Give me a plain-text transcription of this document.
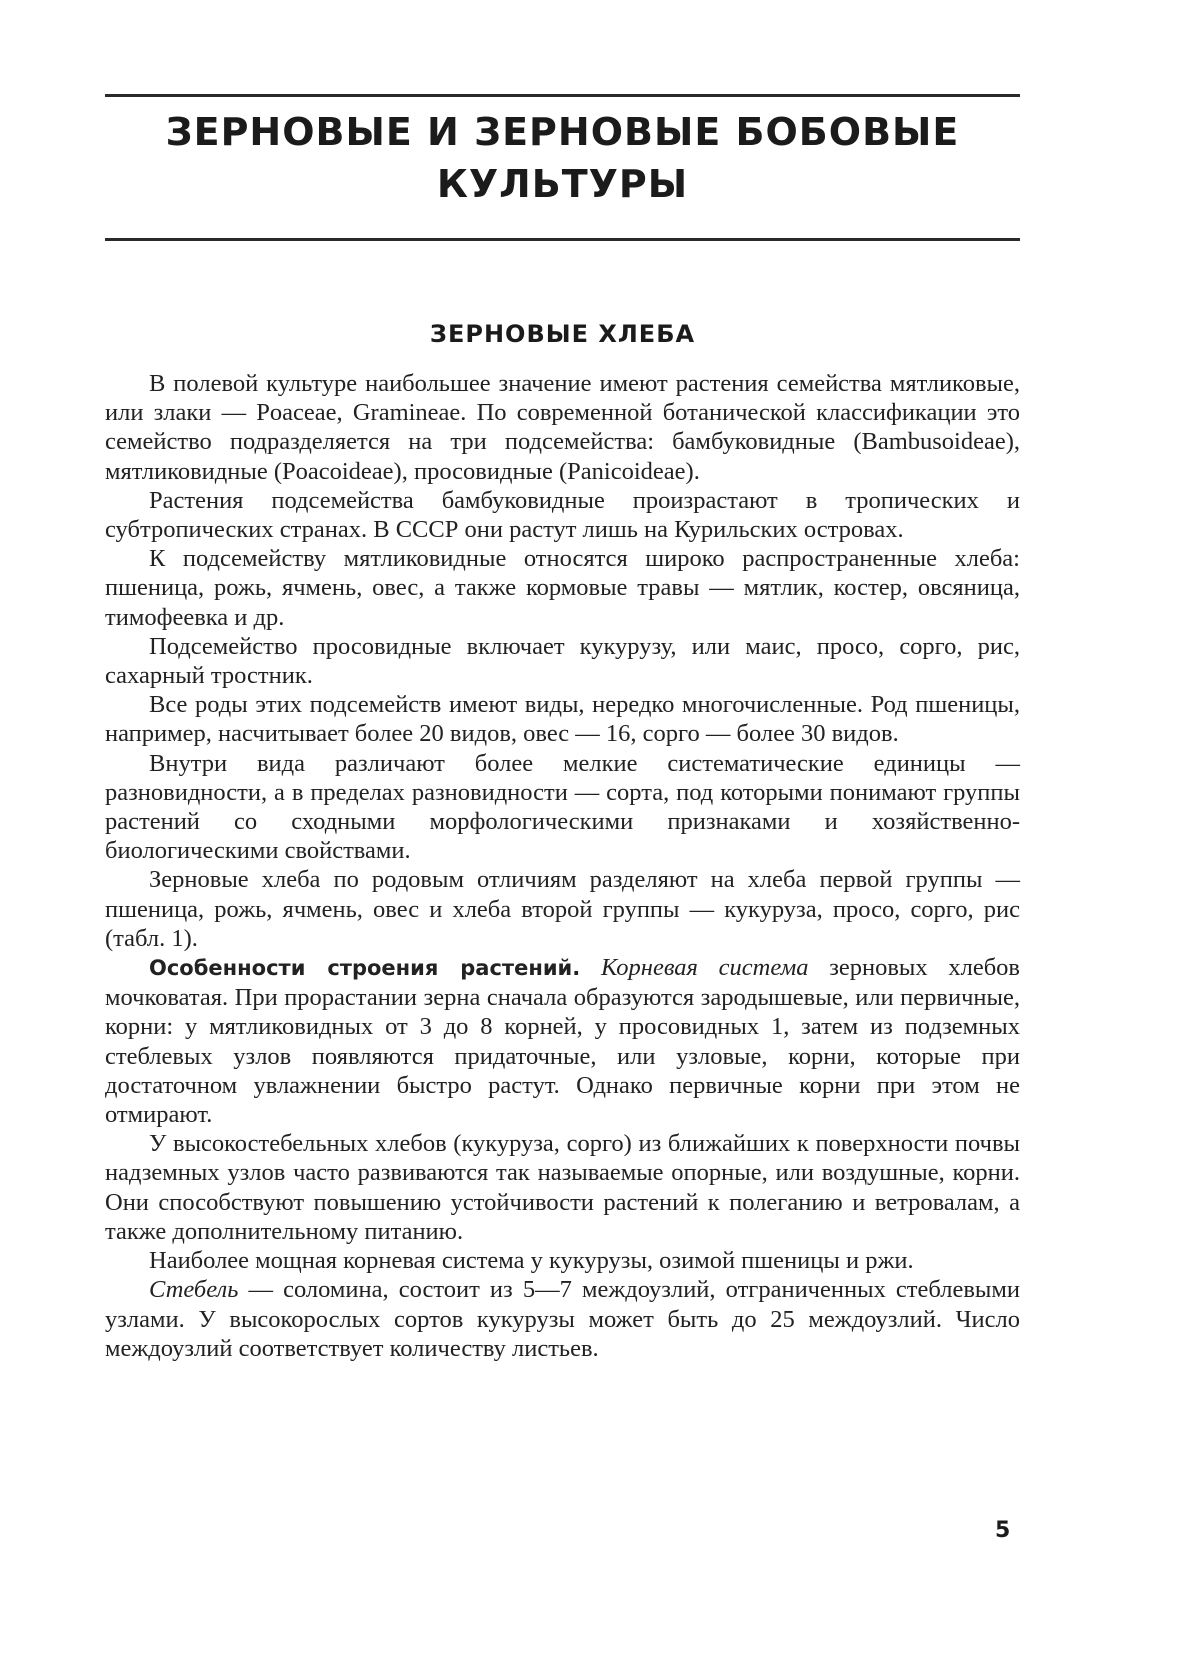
ЗЕРНОВЫЕ И ЗЕРНОВЫЕ БОБОВЫЕ
КУЛЬТУРЫ
ЗЕРНОВЫЕ ХЛЕБА

В полевой культуре наибольшее значение имеют растения семейства мятликовые, или злаки — Poaceae, Gramineae. По современной ботанической классификации это семейство подразделяется на три подсемейства: бамбуковидные (Bambusoideae), мятликовидные (Poacoideae), просовидные (Panicoideae).

Растения подсемейства бамбуковидные произрастают в тропических и субтропических странах. В СССР они растут лишь на Курильских островах.

К подсемейству мятликовидные относятся широко распространенные хлеба: пшеница, рожь, ячмень, овес, а также кормовые травы — мятлик, костер, овсяница, тимофеевка и др.

Подсемейство просовидные включает кукурузу, или маис, просо, сорго, рис, сахарный тростник.

Все роды этих подсемейств имеют виды, нередко многочисленные. Род пшеницы, например, насчитывает более 20 видов, овес — 16, сорго — более 30 видов.

Внутри вида различают более мелкие систематические единицы — разновидности, а в пределах разновидности — сорта, под которыми понимают группы растений со сходными морфологическими признаками и хозяйственно-биологическими свойствами.

Зерновые хлеба по родовым отличиям разделяют на хлеба первой группы — пшеница, рожь, ячмень, овес и хлеба второй группы — кукуруза, просо, сорго, рис (табл. 1).

Особенности строения растений. Корневая система зерновых хлебов мочковатая. При прорастании зерна сначала образуются зародышевые, или первичные, корни: у мятликовидных от 3 до 8 корней, у просовидных 1, затем из подземных стеблевых узлов появляются придаточные, или узловые, корни, которые при достаточном увлажнении быстро растут. Однако первичные корни при этом не отмирают.

У высокостебельных хлебов (кукуруза, сорго) из ближайших к поверхности почвы надземных узлов часто развиваются так называемые опорные, или воздушные, корни. Они способствуют повышению устойчивости растений к полеганию и ветровалам, а также дополнительному питанию.

Наиболее мощная корневая система у кукурузы, озимой пшеницы и ржи.

Стебель — соломина, состоит из 5—7 междоузлий, отграниченных стеблевыми узлами. У высокорослых сортов кукурузы может быть до 25 междоузлий. Число междоузлий соответствует количеству листьев.

5
